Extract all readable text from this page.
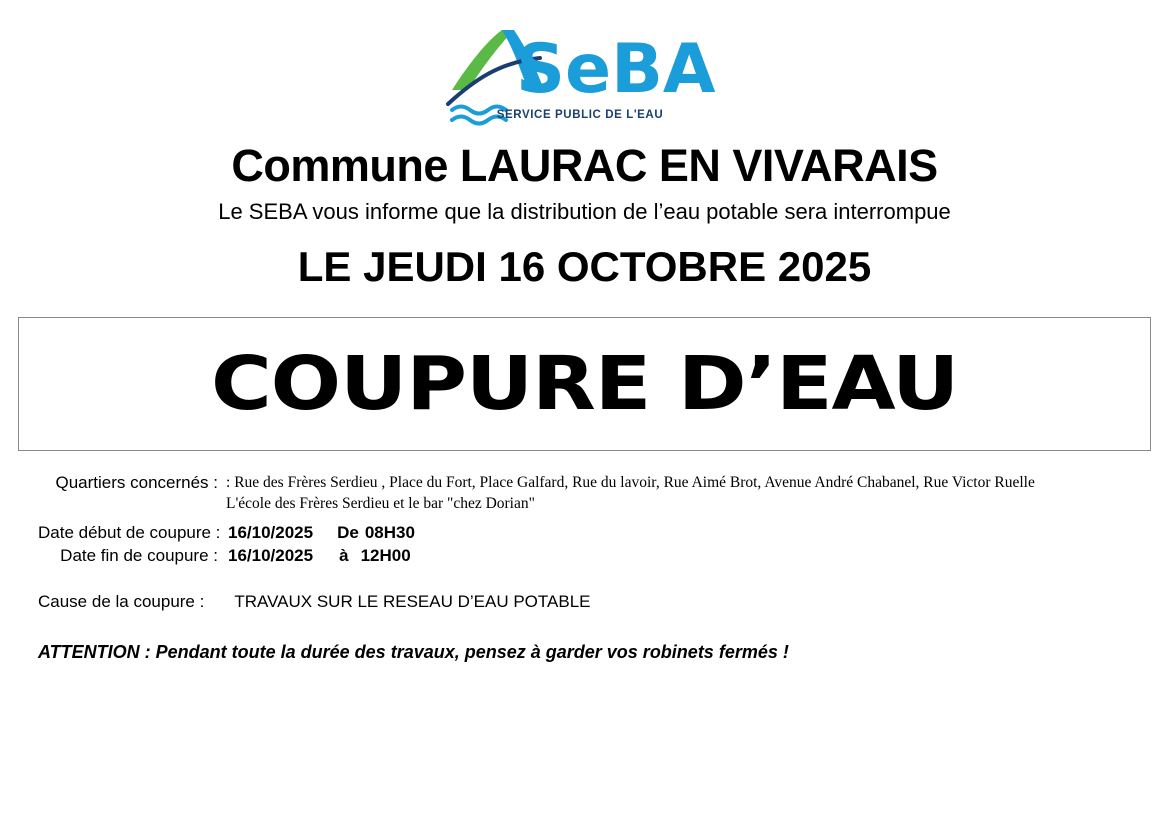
SeBA
SERVICE PUBLIC DE L'EAU
Commune LAURAC EN VIVARAIS
Le SEBA vous informe que la distribution de l’eau potable sera interrompue
LE JEUDI 16 OCTOBRE 2025
COUPURE D’EAU
Quartiers concernés : : Rue des Frères Serdieu , Place du Fort, Place Galfard, Rue du lavoir, Rue Aimé Brot, Avenue André Chabanel, Rue Victor Ruelle
L'école des Frères Serdieu et le bar "chez Dorian"
Date début de coupure : 16/10/2025 De 08H30
Date fin de coupure : 16/10/2025 à 12H00
Cause de la coupure : TRAVAUX SUR LE RESEAU D’EAU POTABLE
ATTENTION : Pendant toute la durée des travaux, pensez à garder vos robinets fermés !
